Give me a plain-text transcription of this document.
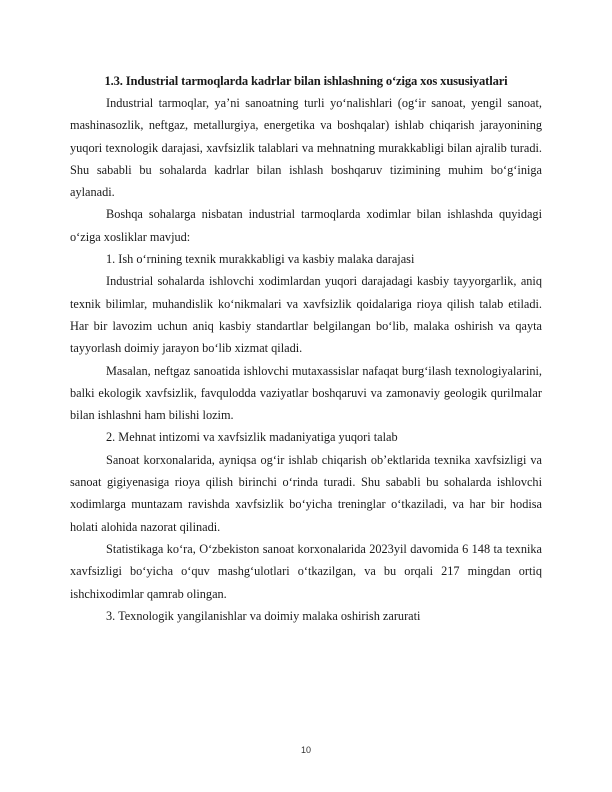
1.3. Industrial tarmoqlarda kadrlar bilan ishlashning o‘ziga xos xususiyatlari

Industrial tarmoqlar, ya’ni sanoatning turli yo‘nalishlari (og‘ir sanoat, yengil sanoat, mashinasozlik, neftgaz, metallurgiya, energetika va boshqalar) ishlab chiqarish jarayonining yuqori texnologik darajasi, xavfsizlik talablari va mehnatning murakkabligi bilan ajralib turadi. Shu sababli bu sohalarda kadrlar bilan ishlash boshqaruv tizimining muhim bo‘g‘iniga aylanadi.

Boshqa sohalarga nisbatan industrial tarmoqlarda xodimlar bilan ishlashda quyidagi o‘ziga xosliklar mavjud:

1. Ish o‘rnining texnik murakkabligi va kasbiy malaka darajasi

Industrial sohalarda ishlovchi xodimlardan yuqori darajadagi kasbiy tayyorgarlik, aniq texnik bilimlar, muhandislik ko‘nikmalari va xavfsizlik qoidalariga rioya qilish talab etiladi. Har bir lavozim uchun aniq kasbiy standartlar belgilangan bo‘lib, malaka oshirish va qayta tayyorlash doimiy jarayon bo‘lib xizmat qiladi.

Masalan, neftgaz sanoatida ishlovchi mutaxassislar nafaqat burg‘ilash texnologiyalarini, balki ekologik xavfsizlik, favqulodda vaziyatlar boshqaruvi va zamonaviy geologik qurilmalar bilan ishlashni ham bilishi lozim.

2. Mehnat intizomi va xavfsizlik madaniyatiga yuqori talab

Sanoat korxonalarida, ayniqsa og‘ir ishlab chiqarish ob’ektlarida texnika xavfsizligi va sanoat gigiyenasiga rioya qilish birinchi o‘rinda turadi. Shu sababli bu sohalarda ishlovchi xodimlarga muntazam ravishda xavfsizlik bo‘yicha treninglar o‘tkaziladi, va har bir hodisa holati alohida nazorat qilinadi.

Statistikaga ko‘ra, O‘zbekiston sanoat korxonalarida 2023yil davomida 6 148 ta texnika xavfsizligi bo‘yicha o‘quv mashg‘ulotlari o‘tkazilgan, va bu orqali 217 mingdan ortiq ishchixodimlar qamrab olingan.

3. Texnologik yangilanishlar va doimiy malaka oshirish zarurati

10
